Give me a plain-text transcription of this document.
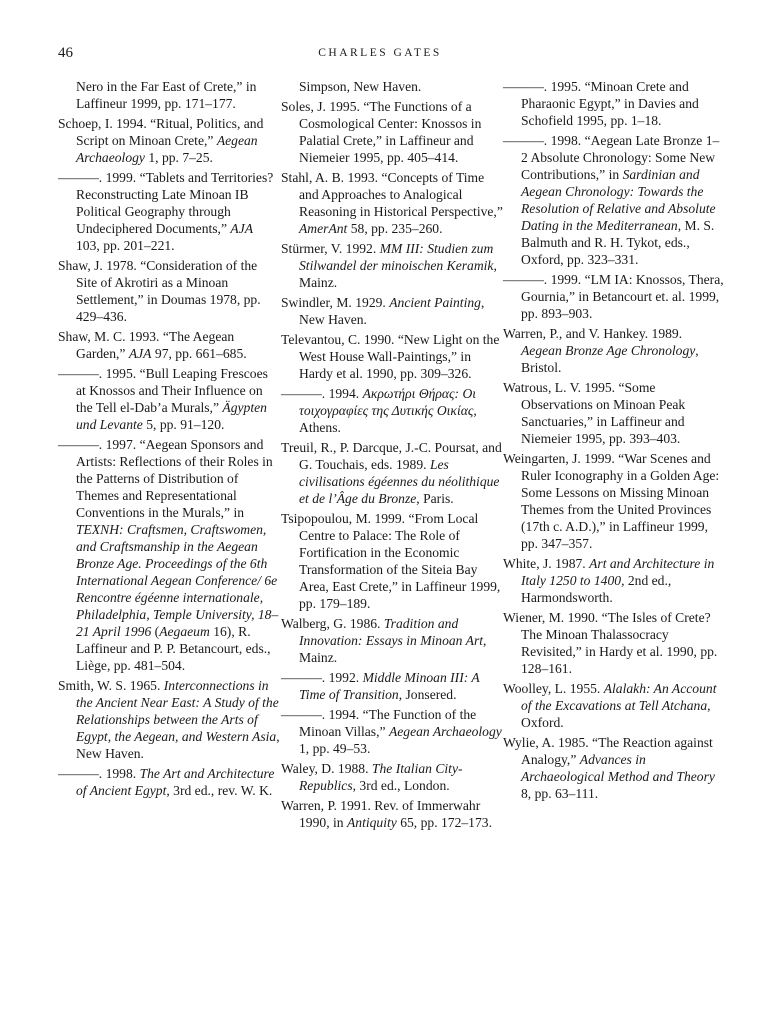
46	CHARLES GATES

Nero in the Far East of Crete,” in Laffineur 1999, pp. 171–177.

Schoep, I. 1994. “Ritual, Politics, and Script on Minoan Crete,” Aegean Archaeology 1, pp. 7–25.

———. 1999. “Tablets and Territories? Reconstructing Late Minoan IB Political Geography through Undeciphered Documents,” AJA 103, pp. 201–221.

Shaw, J. 1978. “Consideration of the Site of Akrotiri as a Minoan Settlement,” in Doumas 1978, pp. 429–436.

Shaw, M. C. 1993. “The Aegean Garden,” AJA 97, pp. 661–685.

———. 1995. “Bull Leaping Frescoes at Knossos and Their Influence on the Tell el-Dab’a Murals,” Ägypten und Levante 5, pp. 91–120.

———. 1997. “Aegean Sponsors and Artists: Reflections of their Roles in the Patterns of Distribution of Themes and Representational Conventions in the Murals,” in TEXNH: Craftsmen, Craftswomen, and Craftsmanship in the Aegean Bronze Age. Proceedings of the 6th International Aegean Conference/ 6e Rencontre égéenne internationale, Philadelphia, Temple University, 18–21 April 1996 (Aegaeum 16), R. Laffineur and P. P. Betancourt, eds., Liège, pp. 481–504.

Smith, W. S. 1965. Interconnections in the Ancient Near East: A Study of the Relationships between the Arts of Egypt, the Aegean, and Western Asia, New Haven.

———. 1998. The Art and Architecture of Ancient Egypt, 3rd ed., rev. W. K.

Simpson, New Haven.

Soles, J. 1995. “The Functions of a Cosmological Center: Knossos in Palatial Crete,” in Laffineur and Niemeier 1995, pp. 405–414.

Stahl, A. B. 1993. “Concepts of Time and Approaches to Analogical Reasoning in Historical Perspective,” AmerAnt 58, pp. 235–260.

Stürmer, V. 1992. MM III: Studien zum Stilwandel der minoischen Keramik, Mainz.

Swindler, M. 1929. Ancient Painting, New Haven.

Televantou, C. 1990. “New Light on the West House Wall-Paintings,” in Hardy et al. 1990, pp. 309–326.

———. 1994. Ακρωτήρι Θήρας: Οι τοιχογραφίες της Δυτικής Οικίας, Athens.

Treuil, R., P. Darcque, J.-C. Poursat, and G. Touchais, eds. 1989. Les civilisations égéennes du néolithique et de l’Âge du Bronze, Paris.

Tsipopoulou, M. 1999. “From Local Centre to Palace: The Role of Fortification in the Economic Transformation of the Siteia Bay Area, East Crete,” in Laffineur 1999, pp. 179–189.

Walberg, G. 1986. Tradition and Innovation: Essays in Minoan Art, Mainz.

———. 1992. Middle Minoan III: A Time of Transition, Jonsered.

———. 1994. “The Function of the Minoan Villas,” Aegean Archaeology 1, pp. 49–53.

Waley, D. 1988. The Italian City-Republics, 3rd ed., London.

Warren, P. 1991. Rev. of Immerwahr 1990, in Antiquity 65, pp. 172–173.

———. 1995. “Minoan Crete and Pharaonic Egypt,” in Davies and Schofield 1995, pp. 1–18.

———. 1998. “Aegean Late Bronze 1–2 Absolute Chronology: Some New Contributions,” in Sardinian and Aegean Chronology: Towards the Resolution of Relative and Absolute Dating in the Mediterranean, M. S. Balmuth and R. H. Tykot, eds., Oxford, pp. 323–331.

———. 1999. “LM IA: Knossos, Thera, Gournia,” in Betancourt et. al. 1999, pp. 893–903.

Warren, P., and V. Hankey. 1989. Aegean Bronze Age Chronology, Bristol.

Watrous, L. V. 1995. “Some Observations on Minoan Peak Sanctuaries,” in Laffineur and Niemeier 1995, pp. 393–403.

Weingarten, J. 1999. “War Scenes and Ruler Iconography in a Golden Age: Some Lessons on Missing Minoan Themes from the United Provinces (17th c. A.D.),” in Laffineur 1999, pp. 347–357.

White, J. 1987. Art and Architecture in Italy 1250 to 1400, 2nd ed., Harmondsworth.

Wiener, M. 1990. “The Isles of Crete? The Minoan Thalassocracy Revisited,” in Hardy et al. 1990, pp. 128–161.

Woolley, L. 1955. Alalakh: An Account of the Excavations at Tell Atchana, Oxford.

Wylie, A. 1985. “The Reaction against Analogy,” Advances in Archaeological Method and Theory 8, pp. 63–111.
